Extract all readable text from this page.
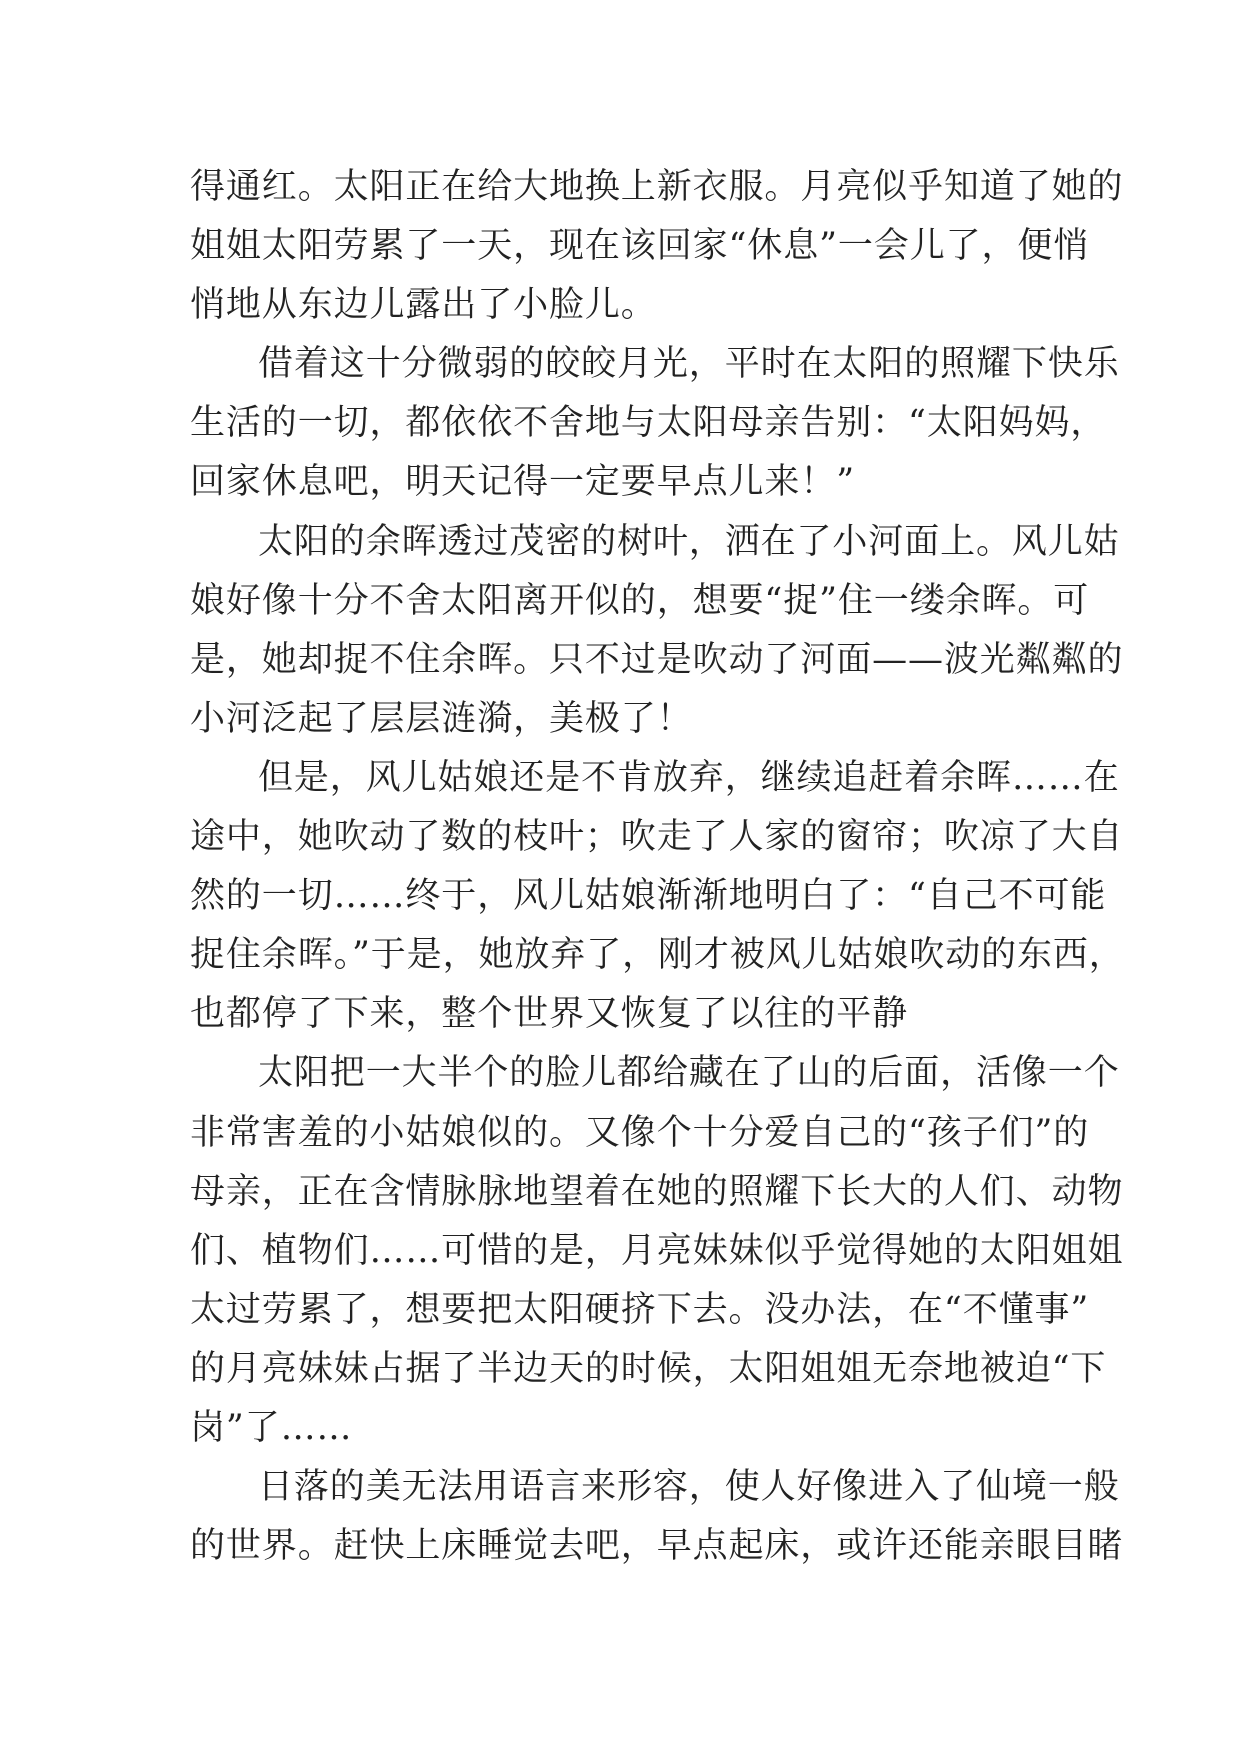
得通红。太阳正在给大地换上新衣服。月亮似乎知道了她的
姐姐太阳劳累了一天，现在该回家“休息”一会儿了，便悄
悄地从东边儿露出了小脸儿。

借着这十分微弱的皎皎月光，平时在太阳的照耀下快乐
生活的一切，都依依不舍地与太阳母亲告别：“太阳妈妈，
回家休息吧，明天记得一定要早点儿来！”

太阳的余晖透过茂密的树叶，洒在了小河面上。风儿姑
娘好像十分不舍太阳离开似的，想要“捉”住一缕余晖。可
是，她却捉不住余晖。只不过是吹动了河面——波光粼粼的
小河泛起了层层涟漪，美极了！

但是，风儿姑娘还是不肯放弃，继续追赶着余晖……在
途中，她吹动了数的枝叶；吹走了人家的窗帘；吹凉了大自
然的一切……终于，风儿姑娘渐渐地明白了：“自己不可能
捉住余晖。”于是，她放弃了，刚才被风儿姑娘吹动的东西，
也都停了下来，整个世界又恢复了以往的平静

太阳把一大半个的脸儿都给藏在了山的后面，活像一个
非常害羞的小姑娘似的。又像个十分爱自己的“孩子们”的
母亲，正在含情脉脉地望着在她的照耀下长大的人们、动物
们、植物们……可惜的是，月亮妹妹似乎觉得她的太阳姐姐
太过劳累了，想要把太阳硬挤下去。没办法，在“不懂事”
的月亮妹妹占据了半边天的时候，太阳姐姐无奈地被迫“下
岗”了……

日落的美无法用语言来形容，使人好像进入了仙境一般
的世界。赶快上床睡觉去吧，早点起床，或许还能亲眼目睹
